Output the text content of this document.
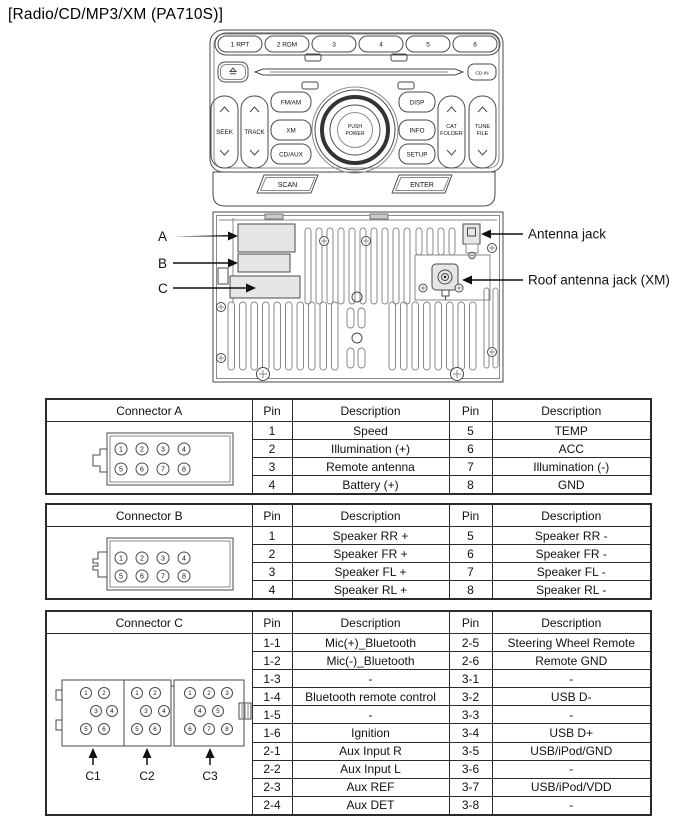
[Radio/CD/MP3/XM (PA710S)]
1 RPT	2 RDM	3	4	5	6
CD-IN
SEEK TRACK
FM/AM
XM
CD/AUX
PUSH
POWER
DISP
INFO
SETUP
CAT
FOLDER
TUNE
FILE
SCAN	ENTER
A
B
C
Antenna jack
Roof antenna jack (XM)
Connector A	Pin	Description	Pin	Description

1 2 3 4
5 6 7 8
	1	Speed	5	TEMP
	2	Illumination (+)	6	ACC
	3	Remote antenna	7	Illumination (-)
	4	Battery (+)	8	GND
Connector B	Pin	Description	Pin	Description

1 2 3 4
5 6 7 8
	1	Speaker RR +	5	Speaker RR -
	2	Speaker FR +	6	Speaker FR -
	3	Speaker FL +	7	Speaker FL -
	4	Speaker RL +	8	Speaker RL -
Connector C	Pin	Description	Pin	Description

1 2
3 4
5 6
1 2
3 4
5 6
1	2 3
4 5
6	7 8
C1	C2	C3
	1-1	Mic(+)_Bluetooth	2-5	Steering Wheel Remote
	1-2	Mic(-)_Bluetooth	2-6	Remote GND
	1-3	-	3-1	-
	1-4	Bluetooth remote control	3-2	USB D-
	1-5	-	3-3	-
	1-6	Ignition	3-4	USB D+
	2-1	Aux Input R	3-5	USB/iPod/GND
	2-2	Aux Input L	3-6	-
	2-3	Aux REF	3-7	USB/iPod/VDD
	2-4	Aux DET	3-8	-
